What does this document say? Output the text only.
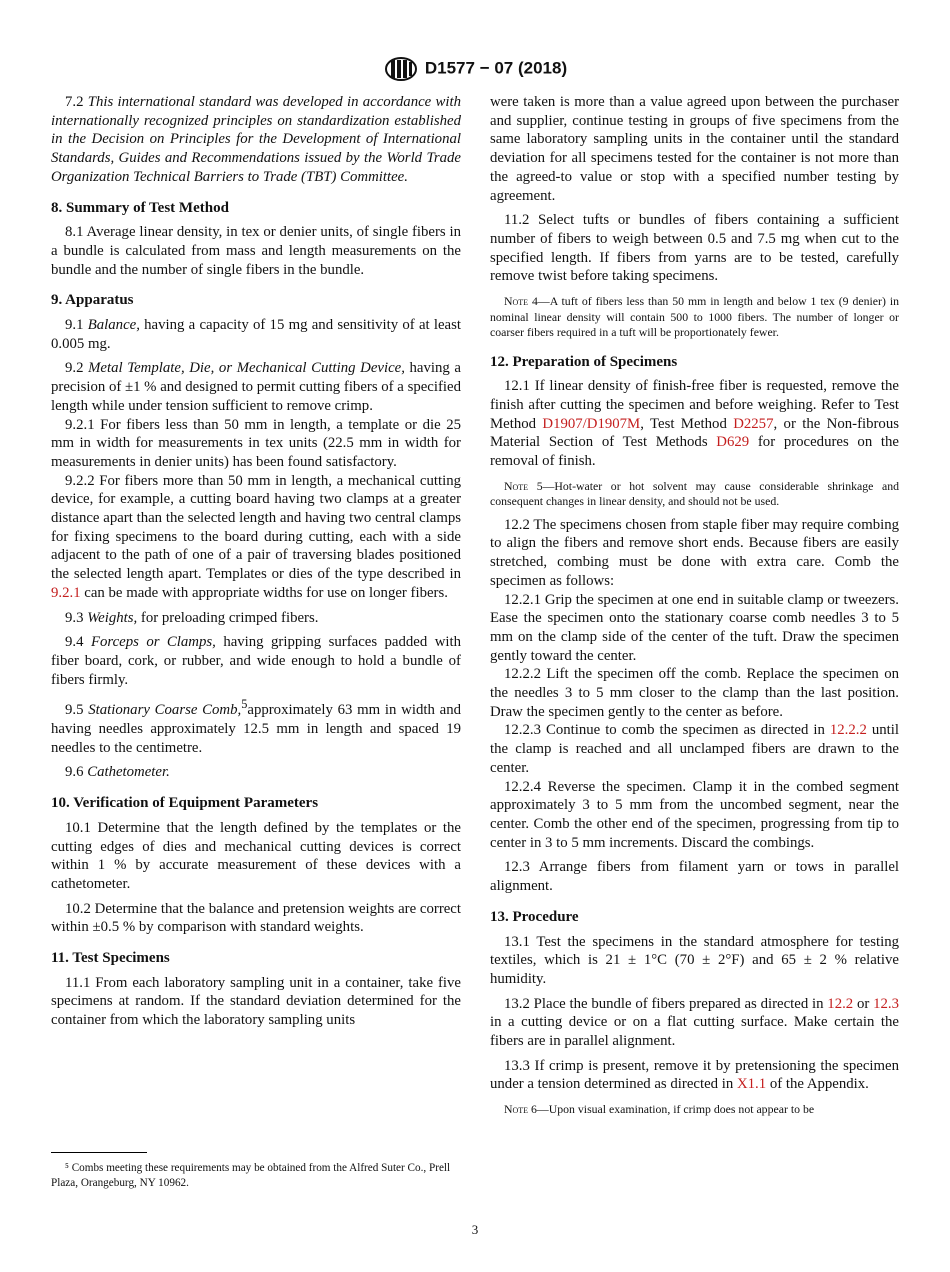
D1577 − 07 (2018)

7.2 This international standard was developed in accordance with internationally recognized principles on standardization established in the Decision on Principles for the Development of International Standards, Guides and Recommendations issued by the World Trade Organization Technical Barriers to Trade (TBT) Committee.

8. Summary of Test Method

8.1 Average linear density, in tex or denier units, of single fibers in a bundle is calculated from mass and length measurements on the bundle and the number of single fibers in the bundle.

9. Apparatus

9.1 Balance, having a capacity of 15 mg and sensitivity of at least 0.005 mg.

9.2 Metal Template, Die, or Mechanical Cutting Device, having a precision of ±1 % and designed to permit cutting fibers of a specified length while under tension sufficient to remove crimp.

9.2.1 For fibers less than 50 mm in length, a template or die 25 mm in width for measurements in tex units (22.5 mm in width for measurements in denier units) has been found satisfactory.

9.2.2 For fibers more than 50 mm in length, a mechanical cutting device, for example, a cutting board having two clamps at a greater distance apart than the selected length and having two central clamps for fixing specimens to the board during cutting, each with a side adjacent to the path of one of a pair of traversing blades positioned the selected length apart. Templates or dies of the type described in 9.2.1 can be made with appropriate widths for use on longer fibers.

9.3 Weights, for preloading crimped fibers.

9.4 Forceps or Clamps, having gripping surfaces padded with fiber board, cork, or rubber, and wide enough to hold a bundle of fibers firmly.

9.5 Stationary Coarse Comb,$^5$approximately 63 mm in width and having needles approximately 12.5 mm in length and spaced 19 needles to the centimetre.

9.6 Cathetometer.

10. Verification of Equipment Parameters

10.1 Determine that the length defined by the templates or the cutting edges of dies and mechanical cutting devices is correct within 1 % by accurate measurement of these devices with a cathetometer.

10.2 Determine that the balance and pretension weights are correct within ±0.5 % by comparison with standard weights.

11. Test Specimens

11.1 From each laboratory sampling unit in a container, take five specimens at random. If the standard deviation determined for the container from which the laboratory sampling units

were taken is more than a value agreed upon between the purchaser and supplier, continue testing in groups of five specimens from the same laboratory sampling units in the container until the standard deviation for all specimens tested for the container is not more than the agreed-to value or stop with a specified number testing by agreement.

11.2 Select tufts or bundles of fibers containing a sufficient number of fibers to weigh between 0.5 and 7.5 mg when cut to the specified length. If fibers from yarns are to be tested, carefully remove twist before taking specimens.

Note 4—A tuft of fibers less than 50 mm in length and below 1 tex (9 denier) in nominal linear density will contain 500 to 1000 fibers. The number of longer or coarser fibers required in a tuft will be proportionately fewer.
12. Preparation of Specimens

12.1 If linear density of finish-free fiber is requested, remove the finish after cutting the specimen and before weighing. Refer to Test Method D1907/D1907M, Test Method D2257, or the Non-fibrous Material Section of Test Methods D629 for procedures on the removal of finish.

Note 5—Hot-water or hot solvent may cause considerable shrinkage and consequent changes in linear density, and should not be used.

12.2 The specimens chosen from staple fiber may require combing to align the fibers and remove short ends. Because fibers are easily stretched, combing must be done with extra care. Comb the specimen as follows:

12.2.1 Grip the specimen at one end in suitable clamp or tweezers. Ease the specimen onto the stationary coarse comb needles 3 to 5 mm on the clamp side of the center of the tuft. Draw the specimen gently toward the center.

12.2.2 Lift the specimen off the comb. Replace the specimen on the needles 3 to 5 mm closer to the clamp than the last position. Draw the specimen gently to the center as before.

12.2.3 Continue to comb the specimen as directed in 12.2.2 until the clamp is reached and all unclamped fibers are drawn to the center.

12.2.4 Reverse the specimen. Clamp it in the combed segment approximately 3 to 5 mm from the uncombed segment, near the center. Comb the other end of the specimen, progressing from tip to center in 3 to 5 mm increments. Discard the combings.

12.3 Arrange fibers from filament yarn or tows in parallel alignment.

13. Procedure

13.1 Test the specimens in the standard atmosphere for testing textiles, which is 21 ± 1°C (70 ± 2°F) and 65 ± 2 % relative humidity.

13.2 Place the bundle of fibers prepared as directed in 12.2 or 12.3 in a cutting device or on a flat cutting surface. Make certain the fibers are in parallel alignment.

13.3 If crimp is present, remove it by pretensioning the specimen under a tension determined as directed in X1.1 of the Appendix.

Note 6—Upon visual examination, if crimp does not appear to be
⁵ Combs meeting these requirements may be obtained from the Alfred Suter Co., Prell Plaza, Orangeburg, NY 10962.
3
